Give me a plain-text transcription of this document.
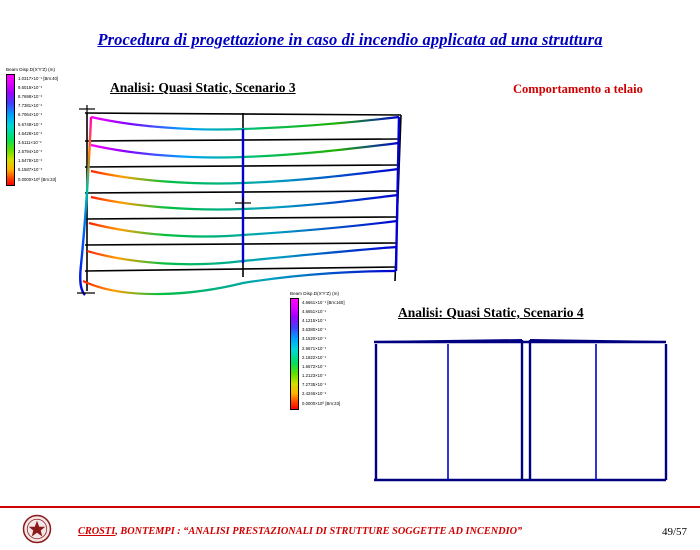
Procedura di progettazione in caso di incendio applicata ad una struttura
Analisi: Quasi Static, Scenario 3	Comportamento a telaio
Beam Disp.D(X'Y'Z) (m)
1.0317×10⁻¹ [Bm:40]
9.5018×10⁻²
8.7698×10⁻²
7.7381×10⁻²
6.7064×10⁻²
5.6748×10⁻²
4.6428×10⁻²
3.6111×10⁻²
2.5794×10⁻²
1.5478×10⁻²
5.1587×10⁻³
0.0000×10⁰ [Bm:33]
Analisi: Quasi Static, Scenario 4
Beam Disp.D(X'Y'Z) (m)
4.6661×10⁻¹ [Bm:160]
4.6651×10⁻¹
4.1215×10⁻¹
3.6380×10⁻¹
3.1520×10⁻¹
2.6671×10⁻¹
2.1822×10⁻¹
1.6672×10⁻¹
1.2123×10⁻¹
7.2735×10⁻²
2.4246×10⁻²
0.0000×10⁰ [Bm:33]
CROSTI, BONTEMPI : “ANALISI PRESTAZIONALI DI STRUTTURE SOGGETTE AD INCENDIO”	49/57
